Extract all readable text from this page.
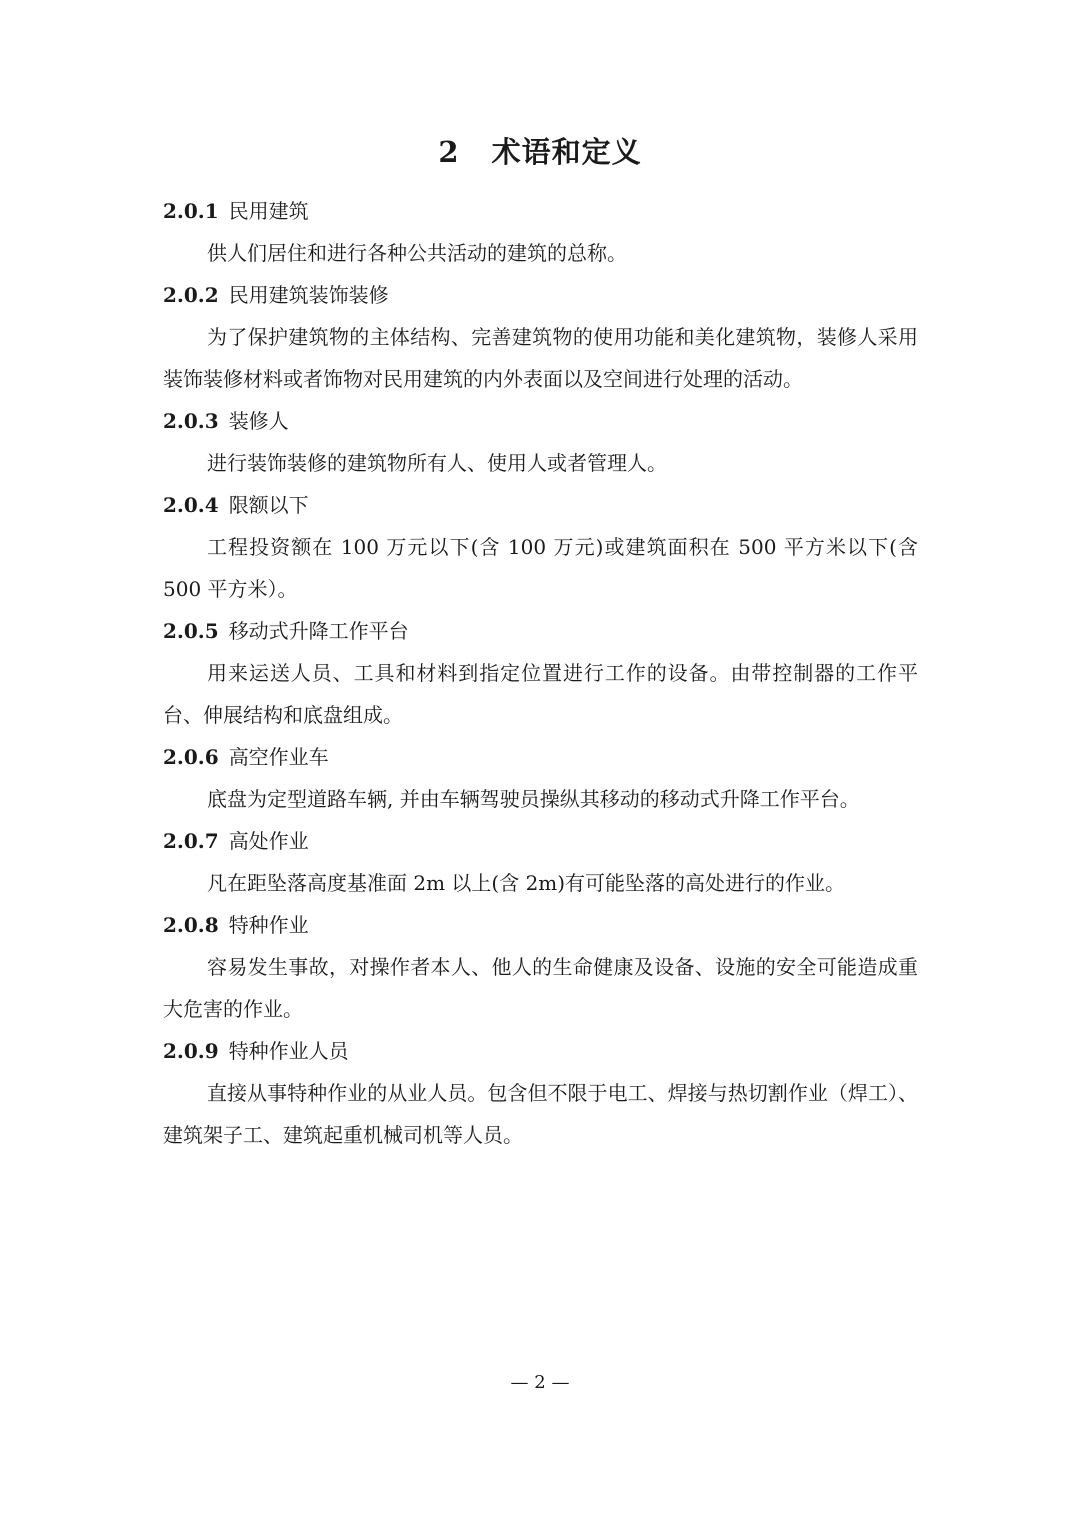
2 术语和定义
2.0.1 民用建筑

供人们居住和进行各种公共活动的建筑的总称。

2.0.2 民用建筑装饰装修

为了保护建筑物的主体结构、完善建筑物的使用功能和美化建筑物，装修人采用装饰装修材料或者饰物对民用建筑的内外表面以及空间进行处理的活动。

2.0.3 装修人

进行装饰装修的建筑物所有人、使用人或者管理人。

2.0.4 限额以下

工程投资额在 100 万元以下(含 100 万元)或建筑面积在 500 平方米以下(含 500 平方米）。

2.0.5 移动式升降工作平台

用来运送人员、工具和材料到指定位置进行工作的设备。由带控制器的工作平台、伸展结构和底盘组成。

2.0.6 高空作业车

底盘为定型道路车辆, 并由车辆驾驶员操纵其移动的移动式升降工作平台。

2.0.7 高处作业

凡在距坠落高度基准面 2m 以上(含 2m)有可能坠落的高处进行的作业。

2.0.8 特种作业

容易发生事故，对操作者本人、他人的生命健康及设备、设施的安全可能造成重大危害的作业。

2.0.9 特种作业人员

直接从事特种作业的从业人员。包含但不限于电工、焊接与热切割作业（焊工）、建筑架子工、建筑起重机械司机等人员。

— 2 —
